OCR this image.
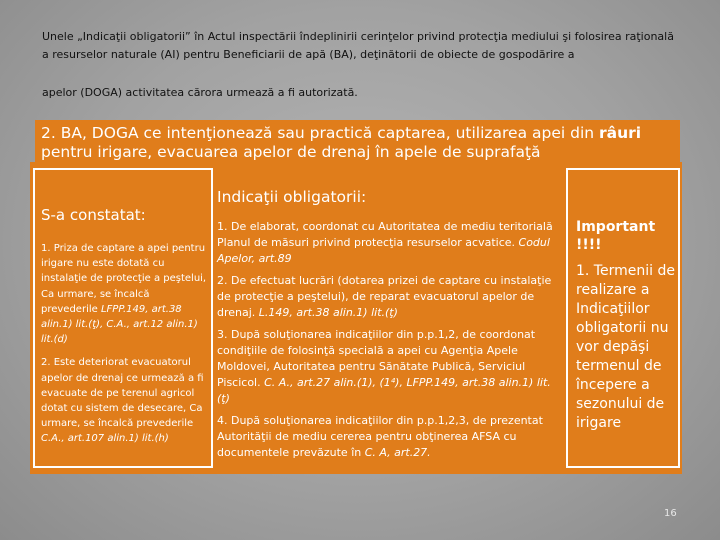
Unele „Indicaţii obligatorii” în Actul inspectării îndeplinirii cerinţelor privind protecţia mediului şi folosirea raţională a resurselor naturale (AI) pentru Beneficiarii de apă (BA), deţinătorii de obiecte de gospodărire a

apelor (DOGA) activitatea cărora urmează a fi autorizată.

2. BA, DOGA ce intenţionează sau practică captarea, utilizarea apei din râuri pentru irigare, evacuarea apelor de drenaj în apele de suprafaţă
S-a constatat:

1. Priza de captare a apei pentru irigare nu este dotată cu instalaţie de protecţie a peştelui, Ca urmare, se încalcă prevederile LFPP.149, art.38 alin.1) lit.(ţ), C.A., art.12 alin.1) lit.(d)

2. Este deteriorat evacuatorul apelor de drenaj ce urmează a fi evacuate de pe terenul agricol dotat cu sistem de desecare, Ca urmare, se încalcă prevederile C.A., art.107 alin.1) lit.(h)

Indicaţii obligatorii:

1. De elaborat, coordonat cu Autoritatea de mediu teritorială Planul de măsuri privind protecţia resurselor acvatice. Codul Apelor, art.89

2. De efectuat lucrări (dotarea prizei de captare cu instalaţie de protecţie a peştelui), de reparat evacuatorul apelor de drenaj. L.149, art.38 alin.1) lit.(ţ)

3. După soluţionarea indicaţiilor din p.p.1,2, de coordonat condiţiile de folosinţă specială a apei cu Agenţia Apele Moldovei, Autoritatea pentru Sănătate Publică, Serviciul Piscicol. C. A., art.27 alin.(1), (1⁴), LFPP.149, art.38 alin.1) lit.(ţ)

4. După soluţionarea indicaţiilor din p.p.1,2,3, de prezentat Autorităţii de mediu cererea pentru obţinerea AFSA cu documentele prevăzute în C. A, art.27.

Important !!!!

1. Termenii de realizare a Indicaţiilor obligatorii nu vor depăşi termenul de începere a sezonului de irigare

16
